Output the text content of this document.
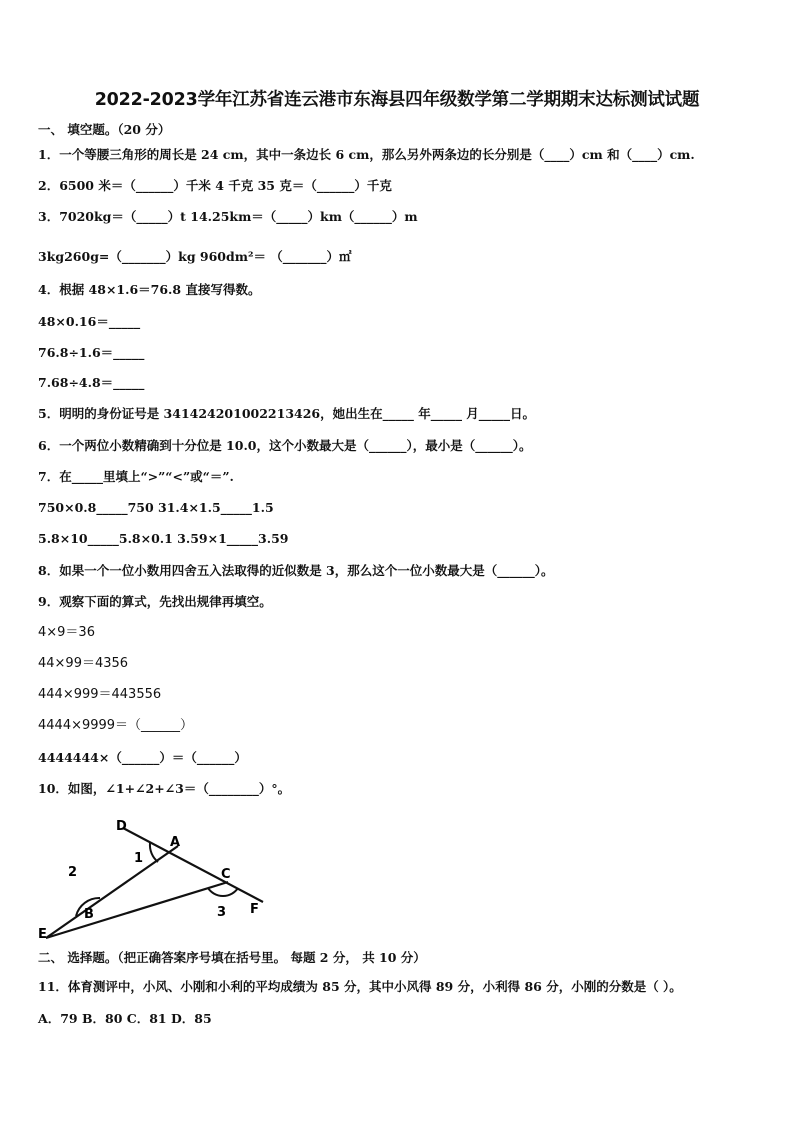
2022-2023学年江苏省连云港市东海县四年级数学第二学期期末达标测试试题
一、 填空题。（20 分）
1．一个等腰三角形的周长是 24 cm，其中一条边长 6 cm，那么另外两条边的长分别是（____）cm 和（____）cm.
2．6500 米＝（______）千米 4 千克 35 克＝（______）千克
3．7020kg＝（_____）t 14.25km＝（_____）km（______）m
3kg260g=（_______）kg 960dm²＝ （_______）㎡
4．根据 48×1.6＝76.8 直接写得数。
48×0.16＝_____
76.8÷1.6＝_____
7.68÷4.8＝_____
5．明明的身份证号是 341424201002213426，她出生在_____ 年_____ 月_____日。
6．一个两位小数精确到十分位是 10.0，这个小数最大是（______），最小是（______）。
7．在_____里填上“>”“<”或“＝”.
750×0.8_____750 31.4×1.5_____1.5
5.8×10_____5.8×0.1 3.59×1_____3.59
8．如果一个一位小数用四舍五入法取得的近似数是 3，那么这个一位小数最大是（______）。
9．观察下面的算式，先找出规律再填空。
4×9＝36
44×99＝4356
444×999＝443556
4444×9999＝（______）
4444444×（______）＝（______）
10．如图，∠1+∠2+∠3＝（________）°。
D
A
C
E
F
B
1
2
3
二、 选择题。（把正确答案序号填在括号里。 每题 2 分， 共 10 分）
11．体育测评中，小风、小刚和小利的平均成绩为 85 分，其中小风得 89 分，小利得 86 分，小刚的分数是（ ）。
A．79 B．80 C．81 D．85
